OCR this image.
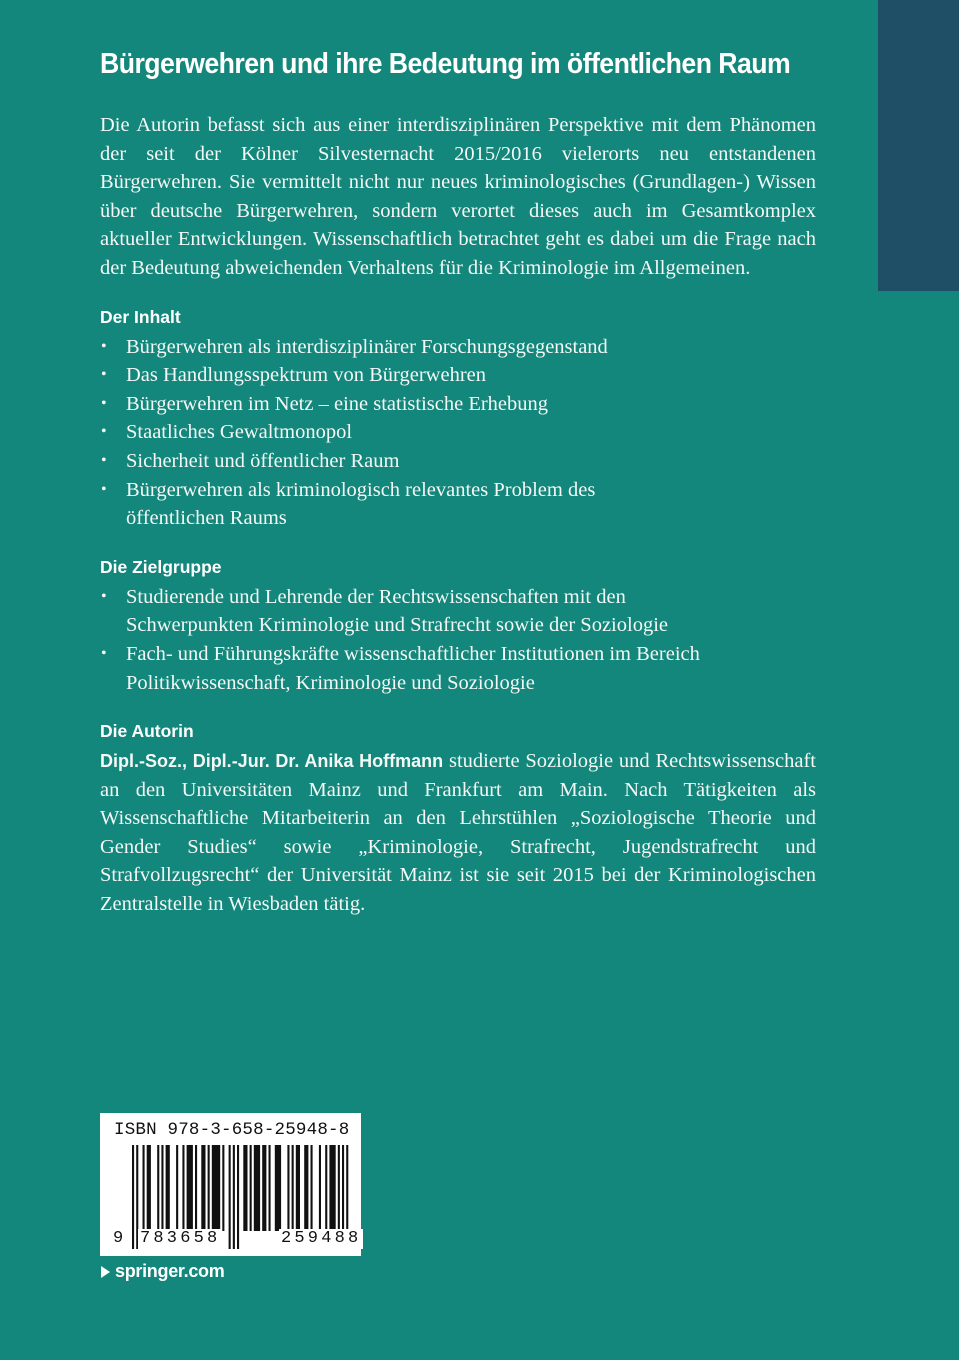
Bürgerwehren und ihre Bedeutung im öffentlichen Raum

Die Autorin befasst sich aus einer interdisziplinären Perspektive mit dem Phänomen der seit der Kölner Silvesternacht 2015/2016 vielerorts neu entstandenen Bürgerwehren. Sie vermittelt nicht nur neues kriminologisches (Grundlagen-) Wissen über deutsche Bürgerwehren, sondern verortet dieses auch im Gesamtkomplex aktueller Entwicklungen. Wissenschaftlich betrachtet geht es dabei um die Frage nach der Bedeutung abweichenden Verhaltens für die Kriminologie im Allgemeinen.

Der Inhalt
• Bürgerwehren als interdisziplinärer Forschungsgegenstand
• Das Handlungsspektrum von Bürgerwehren
• Bürgerwehren im Netz – eine statistische Erhebung
• Staatliches Gewaltmonopol
• Sicherheit und öffentlicher Raum
• Bürgerwehren als kriminologisch relevantes Problem des öffentlichen Raums
Die Zielgruppe
• Studierende und Lehrende der Rechtswissenschaften mit den Schwerpunkten Kriminologie und Strafrecht sowie der Soziologie
• Fach- und Führungskräfte wissenschaftlicher Institutionen im Bereich Politikwissenschaft, Kriminologie und Soziologie
Die Autorin

Dipl.-Soz., Dipl.-Jur. Dr. Anika Hoffmann studierte Soziologie und Rechtswissenschaft an den Universitäten Mainz und Frankfurt am Main. Nach Tätigkeiten als Wissenschaftliche Mitarbeiterin an den Lehrstühlen „Soziologische Theorie und Gender Studies“ sowie „Kriminologie, Strafrecht, Jugendstrafrecht und Strafvollzugsrecht“ der Universität Mainz ist sie seit 2015 bei der Kriminologischen Zentralstelle in Wiesbaden tätig.

ISBN 978-3-658-25948-8
9 783658	259488
springer.com
